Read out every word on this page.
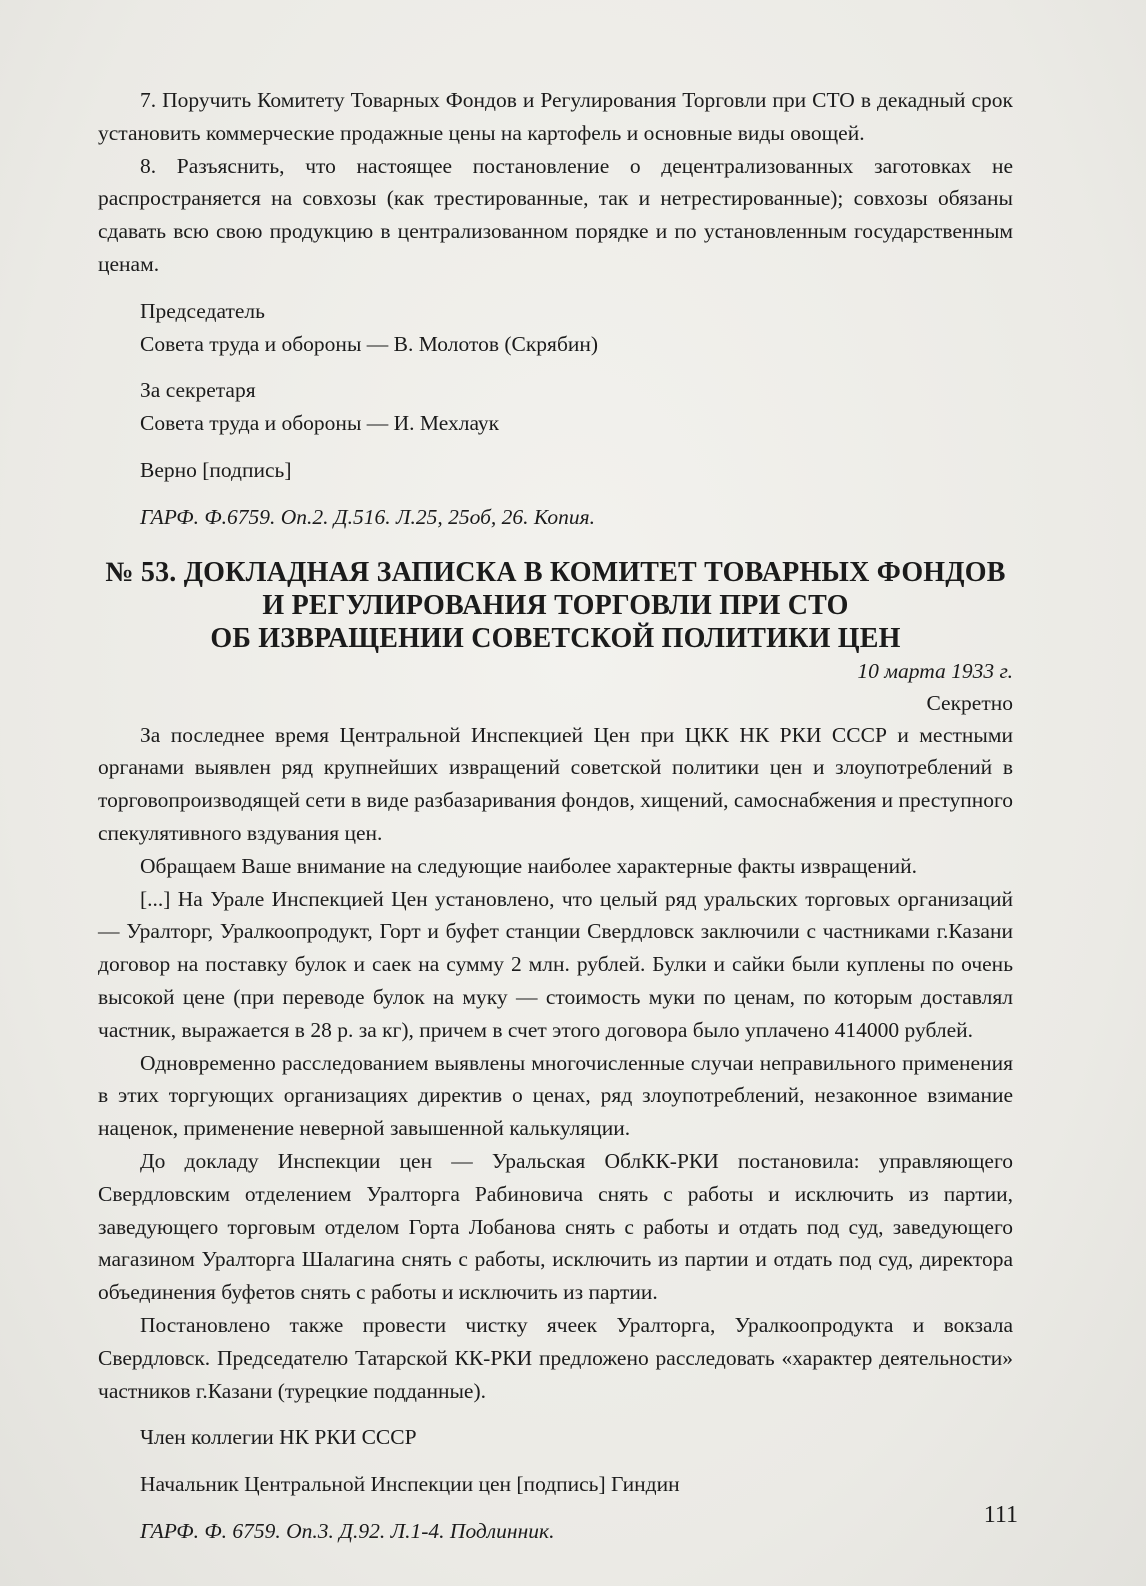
7. Поручить Комитету Товарных Фондов и Регулирования Торговли при СТО в декадный срок установить коммерческие продажные цены на картофель и основные виды овощей.

8. Разъяснить, что настоящее постановление о децентрализованных заготовках не распространяется на совхозы (как трестированные, так и нетрестированные); совхозы обязаны сдавать всю свою продукцию в централизованном порядке и по установленным государственным ценам.

Председатель

Совета труда и обороны — В. Молотов (Скрябин)

За секретаря

Совета труда и обороны — И. Мехлаук

Верно [подпись]

ГАРФ. Ф.6759. Оп.2. Д.516. Л.25, 25об, 26. Копия.

№ 53. ДОКЛАДНАЯ ЗАПИСКА В КОМИТЕТ ТОВАРНЫХ ФОНДОВ
И РЕГУЛИРОВАНИЯ ТОРГОВЛИ ПРИ СТО
ОБ ИЗВРАЩЕНИИ СОВЕТСКОЙ ПОЛИТИКИ ЦЕН
10 марта 1933 г.
Секретно

За последнее время Центральной Инспекцией Цен при ЦКК НК РКИ СССР и местными органами выявлен ряд крупнейших извращений советской политики цен и злоупотреблений в торговопроизводящей сети в виде разбазаривания фондов, хищений, самоснабжения и преступного спекулятивного вздувания цен.

Обращаем Ваше внимание на следующие наиболее характерные факты извращений.

[...] На Урале Инспекцией Цен установлено, что целый ряд уральских торговых организаций — Уралторг, Уралкоопродукт, Горт и буфет станции Свердловск заключили с частниками г.Казани договор на поставку булок и саек на сумму 2 млн. рублей. Булки и сайки были куплены по очень высокой цене (при переводе булок на муку — стоимость муки по ценам, по которым доставлял частник, выражается в 28 р. за кг), причем в счет этого договора было уплачено 414000 рублей.

Одновременно расследованием выявлены многочисленные случаи неправильного применения в этих торгующих организациях директив о ценах, ряд злоупотреблений, незаконное взимание наценок, применение неверной завышенной калькуляции.

До докладу Инспекции цен — Уральская ОблКК-РКИ постановила: управляющего Свердловским отделением Уралторга Рабиновича снять с работы и исключить из партии, заведующего торговым отделом Горта Лобанова снять с работы и отдать под суд, заведующего магазином Уралторга Шалагина снять с работы, исключить из партии и отдать под суд, директора объединения буфетов снять с работы и исключить из партии.

Постановлено также провести чистку ячеек Уралторга, Уралкоопродукта и вокзала Свердловск. Председателю Татарской КК-РКИ предложено расследовать «характер деятельности» частников г.Казани (турецкие подданные).

Член коллегии НК РКИ СССР

Начальник Центральной Инспекции цен [подпись] Гиндин

ГАРФ. Ф. 6759. Оп.3. Д.92. Л.1-4. Подлинник.

111
